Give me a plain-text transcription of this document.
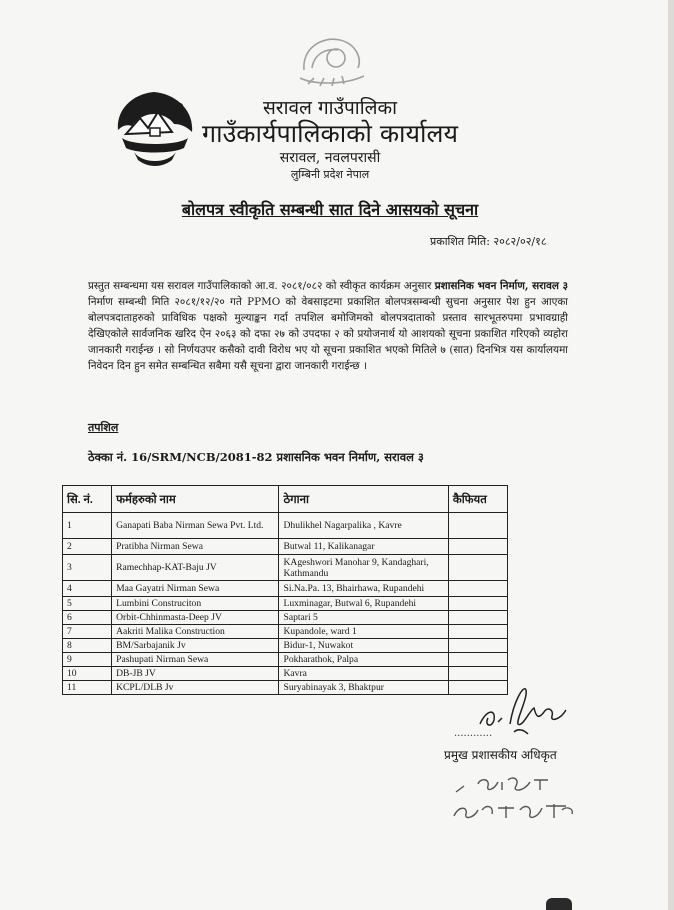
सरावल गाउँपालिका
गाउँकार्यपालिकाको कार्यालय
सरावल, नवलपरासी
लुम्बिनी प्रदेश नेपाल
बोलपत्र स्वीकृति सम्बन्धी सात दिने आसयको सूचना
प्रकाशित मिति: २०८२/०२/१८
प्रस्तुत सम्बन्धमा यस सरावल गाउँपालिकाको आ.व. २०८१/०८२ को स्वीकृत कार्यक्रम अनुसार प्रशासनिक भवन निर्माण, सरावल ३ निर्माण सम्बन्धी मिति २०८१/१२/२० गते PPMO को वेबसाइटमा प्रकाशित बोलपत्रसम्बन्धी सुचना अनुसार पेश हुन आएका बोलपत्रदाताहरुको प्राविधिक पक्षको मुल्याङ्कन गर्दा तपशिल बमोजिमको बोलपत्रदाताको प्रस्ताव सारभूतरुपमा प्रभावग्राही देखिएकोले सार्वजनिक खरिद ऐन २०६३ को दफा २७ को उपदफा २ को प्रयोजनार्थ यो आशयको सूचना प्रकाशित गरिएको व्यहोरा जानकारी गराईन्छ । सो निर्णयउपर कसैको दावी विरोध भए यो सूचना प्रकाशित भएको मितिले ७ (सात) दिनभित्र यस कार्यालयमा निवेदन दिन हुन समेत सम्बन्धित सबैमा यसै सूचना द्वारा जानकारी गराईन्छ ।
तपशिल
ठेक्का नं. 16/SRM/NCB/2081-82 प्रशासनिक भवन निर्माण, सरावल ३
सि. नं.	फर्महरुको नाम	ठेगाना	कैफियत
1	Ganapati Baba Nirman Sewa Pvt. Ltd.	Dhulikhel Nagarpalika , Kavre	
2	Pratibha Nirman Sewa	Butwal 11, Kalikanagar	
3	Ramechhap-KAT-Baju JV	KAgeshwori Manohar 9, Kandaghari, Kathmandu	
4	Maa Gayatri Nirman Sewa	Si.Na.Pa. 13, Bhairhawa, Rupandehi	
5	Lumbini Construciton	Luxminagar, Butwal 6, Rupandehi	
6	Orbit-Chhinmasta-Deep JV	Saptari 5	
7	Aakriti Malika Construction	Kupandole, ward 1	
8	BM/Sarbajanik Jv	Bidur-1, Nuwakot	
9	Pashupati Nirman Sewa	Pokharathok, Palpa	
10	DB-JB JV	Kavra	
11	KCPL/DLB Jv	Suryabinayak 3, Bhaktpur	
............
प्रमुख प्रशासकीय अधिकृत
